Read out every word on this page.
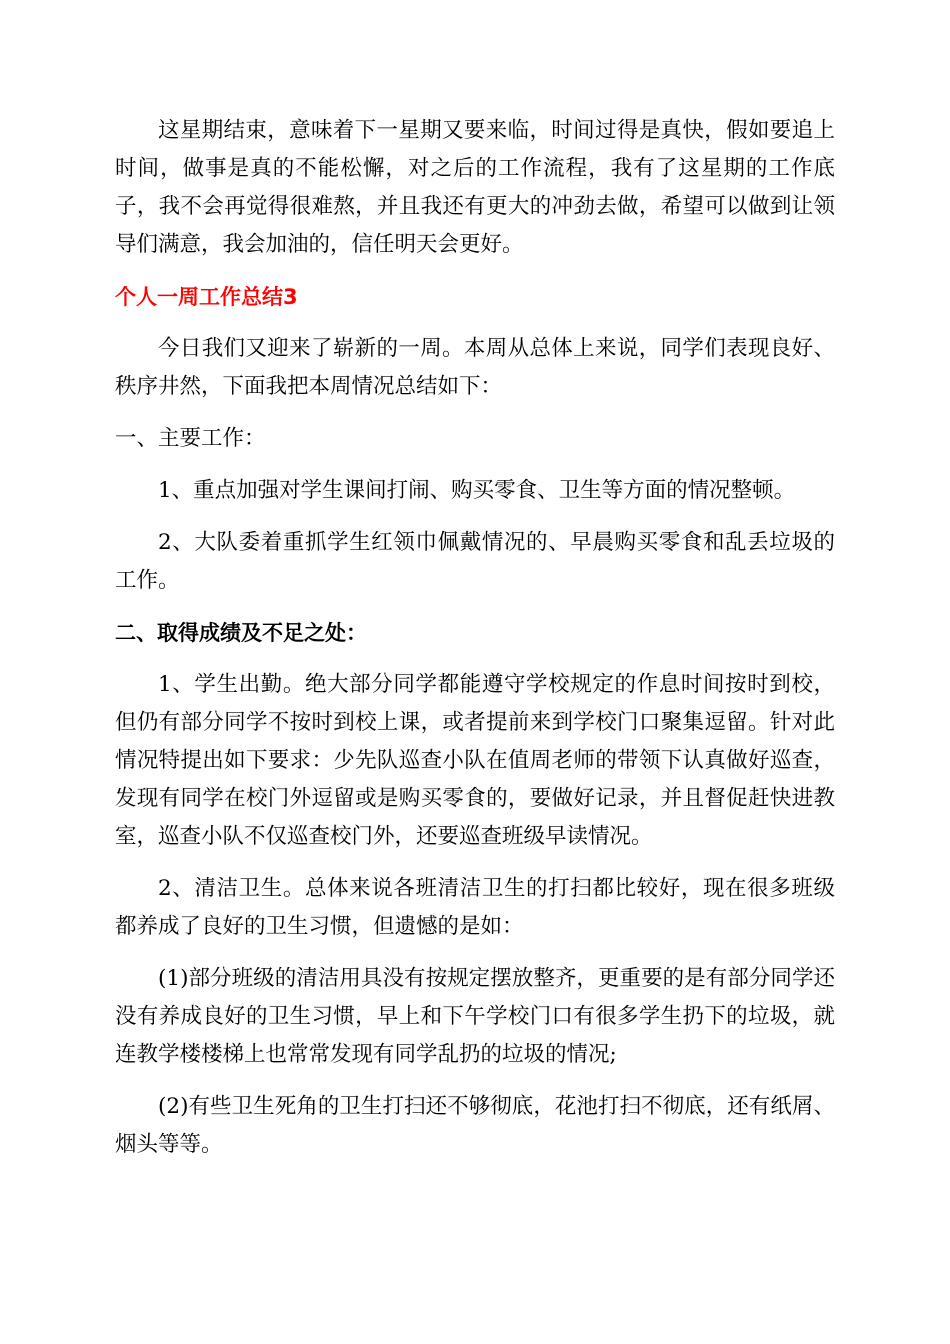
这星期结束，意味着下一星期又要来临，时间过得是真快，假如要追上时间，做事是真的不能松懈，对之后的工作流程，我有了这星期的工作底子，我不会再觉得很难熬，并且我还有更大的冲劲去做，希望可以做到让领导们满意，我会加油的，信任明天会更好。

个人一周工作总结3

今日我们又迎来了崭新的一周。本周从总体上来说，同学们表现良好、秩序井然，下面我把本周情况总结如下：

一、主要工作：

1、重点加强对学生课间打闹、购买零食、卫生等方面的情况整顿。

2、大队委着重抓学生红领巾佩戴情况的、早晨购买零食和乱丢垃圾的工作。

二、取得成绩及不足之处：

1、学生出勤。绝大部分同学都能遵守学校规定的作息时间按时到校，但仍有部分同学不按时到校上课，或者提前来到学校门口聚集逗留。针对此情况特提出如下要求：少先队巡查小队在值周老师的带领下认真做好巡查，发现有同学在校门外逗留或是购买零食的，要做好记录，并且督促赶快进教室，巡查小队不仅巡查校门外，还要巡查班级早读情况。

2、清洁卫生。总体来说各班清洁卫生的打扫都比较好，现在很多班级都养成了良好的卫生习惯，但遗憾的是如：

(1)部分班级的清洁用具没有按规定摆放整齐，更重要的是有部分同学还没有养成良好的卫生习惯，早上和下午学校门口有很多学生扔下的垃圾，就连教学楼楼梯上也常常发现有同学乱扔的垃圾的情况;

(2)有些卫生死角的卫生打扫还不够彻底，花池打扫不彻底，还有纸屑、烟头等等。
